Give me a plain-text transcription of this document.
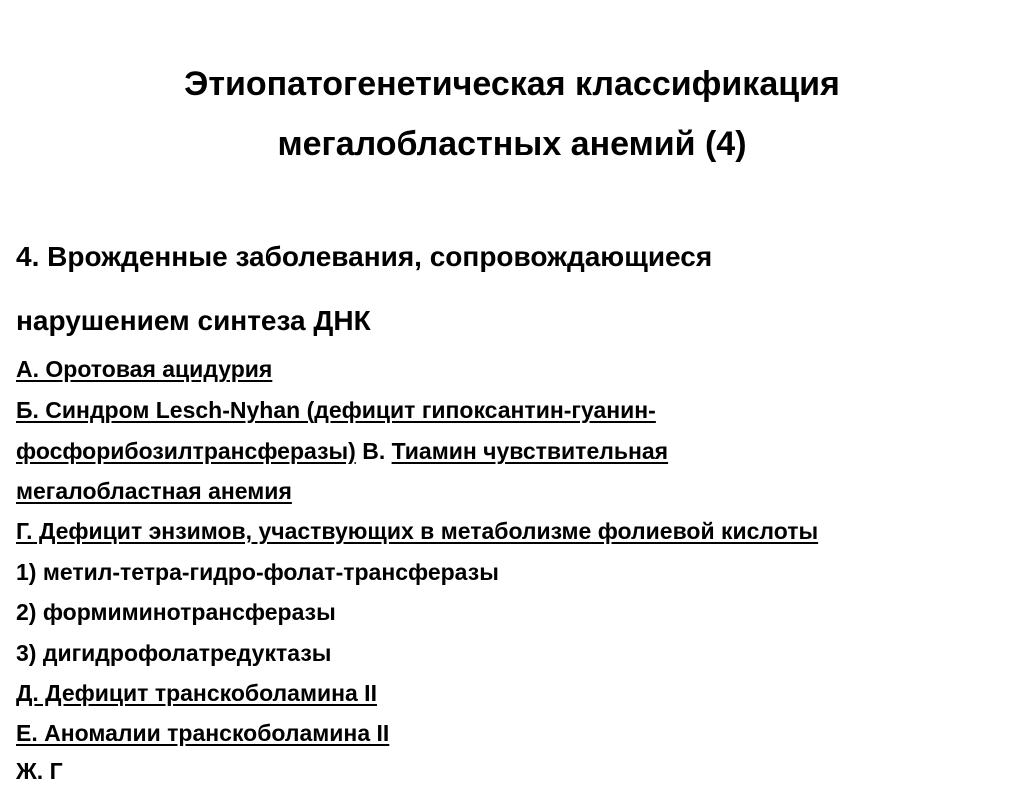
Этиопатогенетическая классификация
мегалобластных анемий (4)
4. Врожденные заболевания, сопровождающиеся
нарушением синтеза ДНК
А. Оротовая ацидурия
Б. Синдром Lesch-Nyhan (дефицит гипоксантин-гуанин-
фосфорибозилтрансферазы) В. Тиамин чувствительная
мегалобластная анемия
Г. Дефицит энзимов, участвующих в метаболизме фолиевой кислоты
1) метил-тетра-гидро-фолат-трансферазы
2) формиминотрансферазы
3) дигидрофолатредуктазы
Д. Дефицит транскоболамина II
Е. Аномалии транскоболамина II
Ж. Г
